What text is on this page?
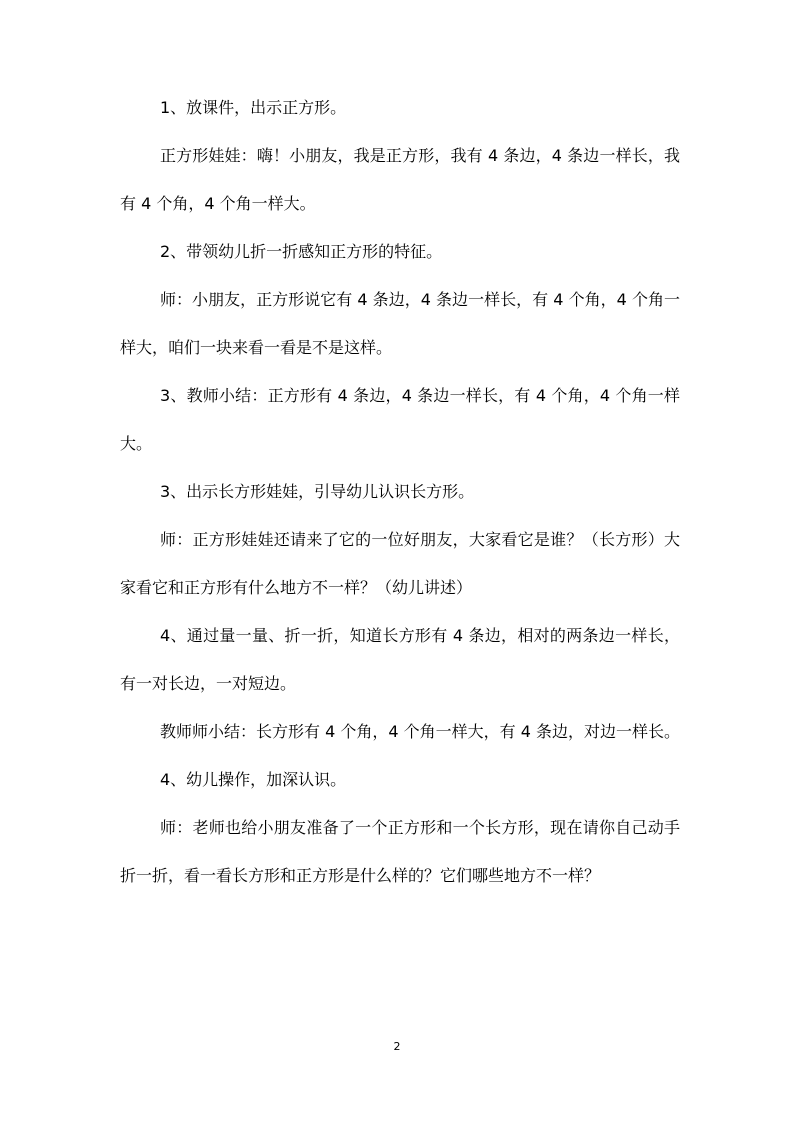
1、放课件，出示正方形。

正方形娃娃：嗨！小朋友，我是正方形，我有 4 条边，4 条边一样长，我有 4 个角，4 个角一样大。

2、带领幼儿折一折感知正方形的特征。

师：小朋友，正方形说它有 4 条边，4 条边一样长，有 4 个角，4 个角一样大，咱们一块来看一看是不是这样。

3、教师小结：正方形有 4 条边，4 条边一样长，有 4 个角，4 个角一样大。

3、出示长方形娃娃，引导幼儿认识长方形。

师：正方形娃娃还请来了它的一位好朋友，大家看它是谁？（长方形）大家看它和正方形有什么地方不一样？（幼儿讲述）

4、通过量一量、折一折，知道长方形有 4 条边，相对的两条边一样长，有一对长边，一对短边。

教师师小结：长方形有 4 个角，4 个角一样大，有 4 条边，对边一样长。

4、幼儿操作，加深认识。

师：老师也给小朋友准备了一个正方形和一个长方形，现在请你自己动手折一折，看一看长方形和正方形是什么样的？它们哪些地方不一样？

2
